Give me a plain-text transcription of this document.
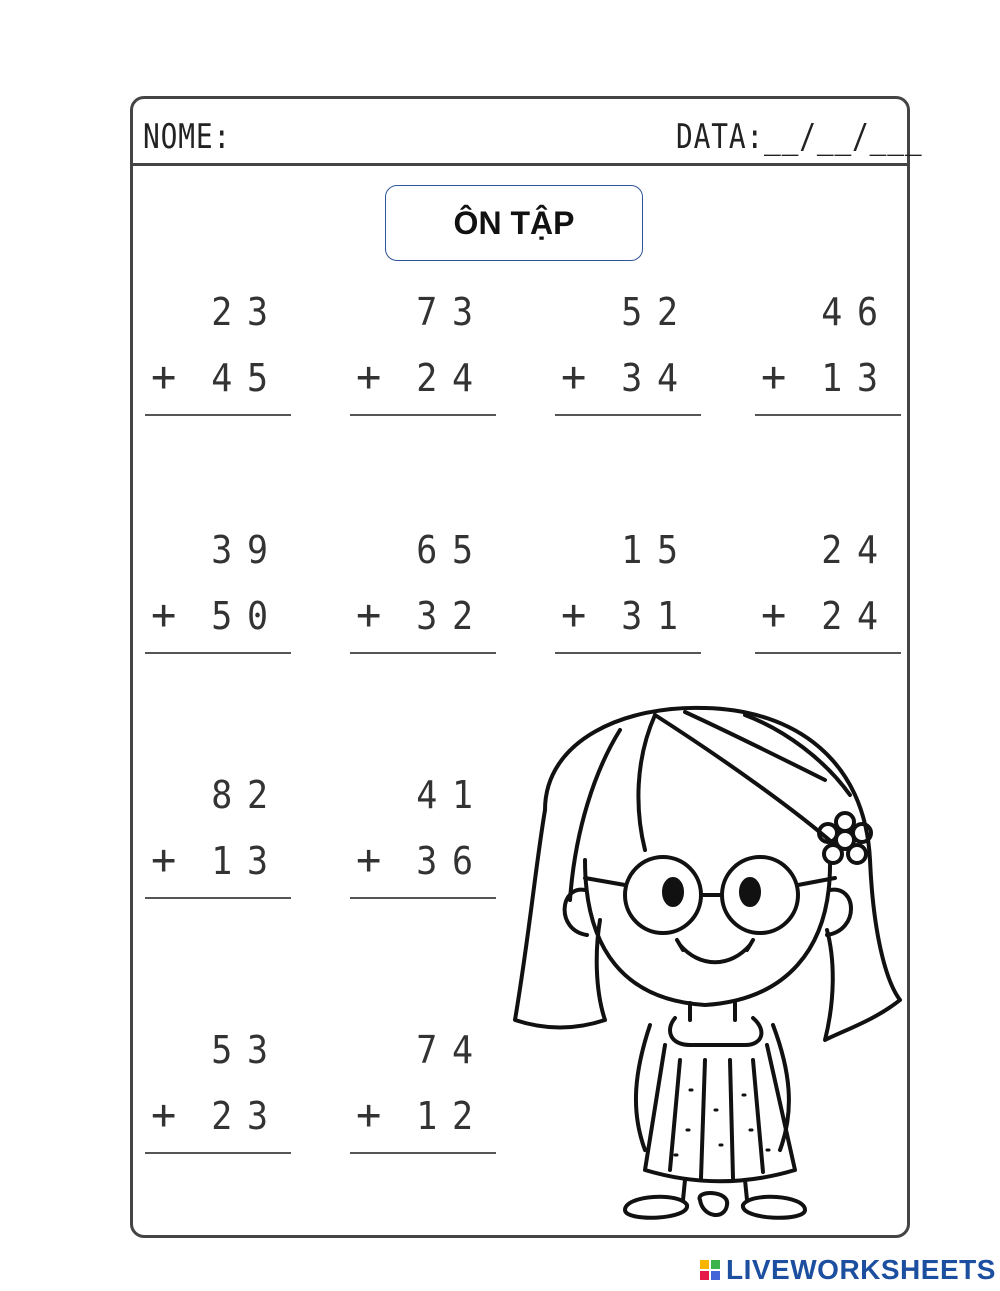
NOME:	DATA:__/__/___
ÔN TẬP
23
+ 45
73
+ 24
52
+ 34
46
+ 13
39
+ 50
65
+ 32
15
+ 31
24
+ 24
82
+ 13
41
+ 36
53
+ 23
74
+ 12
LIVEWORKSHEETS
